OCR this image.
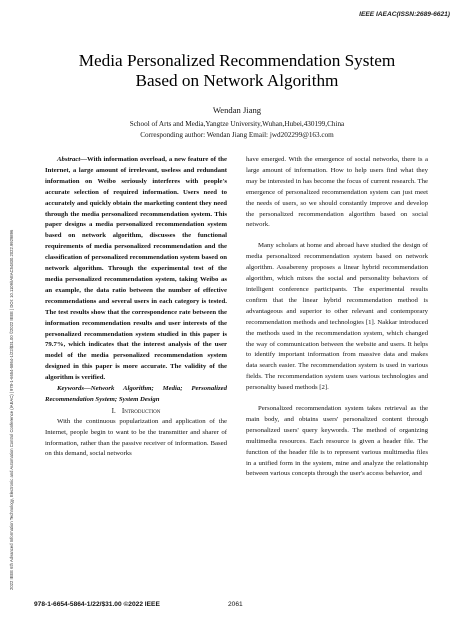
IEEE IAEAC(ISSN:2689-6621)
2022 IEEE 6th Advanced Information Technology, Electronic and Automation Control Conference (IAEAC) | 978-1-6654-5864-1/22/$31.00 ©2022 IEEE | DOI: 10.1109/IAEAC54830.2022.9929896
Media Personalized Recommendation System
Based on Network Algorithm
Wendan Jiang
School of Arts and Media,Yangtze University,Wuhan,Hubei,430199,China
Corresponding author: Wendan Jiang Email: jwd202299@163.com

Abstract—With information overload, a new feature of the Internet, a large amount of irrelevant, useless and redundant information on Weibo seriously interferes with people's accurate selection of required information. Users need to accurately and quickly obtain the marketing content they need through the media personalized recommendation system. This paper designs a media personalized recommendation system based on network algorithm, discusses the functional requirements of media personalized recommendation and the classification of personalized recommendation system based on network algorithm. Through the experimental test of the media personalized recommendation system, taking Weibo as an example, the data ratio between the number of effective recommendations and several users in each category is tested. The test results show that the correspondence rate between the information recommendation results and user interests of the personalized recommendation system studied in this paper is 79.7%, which indicates that the interest analysis of the user model of the media personalized recommendation system designed in this paper is more accurate. The validity of the algorithm is verified.

Keywords—Network Algorithm; Media; Personalized Recommendation System; System Design

I. Introduction

With the continuous popularization and application of the Internet, people begin to want to be the transmitter and sharer of information, rather than the passive receiver of information. Based on this demand, social networks

have emerged. With the emergence of social networks, there is a large amount of information. How to help users find what they may be interested in has become the focus of current research. The emergence of personalized recommendation system can just meet the needs of users, so we should constantly improve and develop the personalized recommendation algorithm based on social network.

Many scholars at home and abroad have studied the design of media personalized recommendation system based on network algorithm. Assabereny proposes a linear hybrid recommendation algorithm, which mixes the social and personality behaviors of intelligent conference participants. The experimental results confirm that the linear hybrid recommendation method is advantageous and superior to other relevant and contemporary recommendation methods and technologies [1]. Nakkar introduced the methods used in the recommendation system, which changed the way of communication between the website and users. It helps to identify important information from massive data and makes data search easier. The recommendation system is used in various fields. The recommendation system uses various technologies and personality based methods [2].

Personalized recommendation system takes retrieval as the main body, and obtains users' personalized content through personalized users' query keywords. The method of organizing multimedia resources. Each resource is given a header file. The function of the header file is to represent various multimedia files in a unified form in the system, mine and analyze the relationship between various concepts through the user's access behavior, and

978-1-6654-5864-1/22/$31.00 ©2022 IEEE	2061
